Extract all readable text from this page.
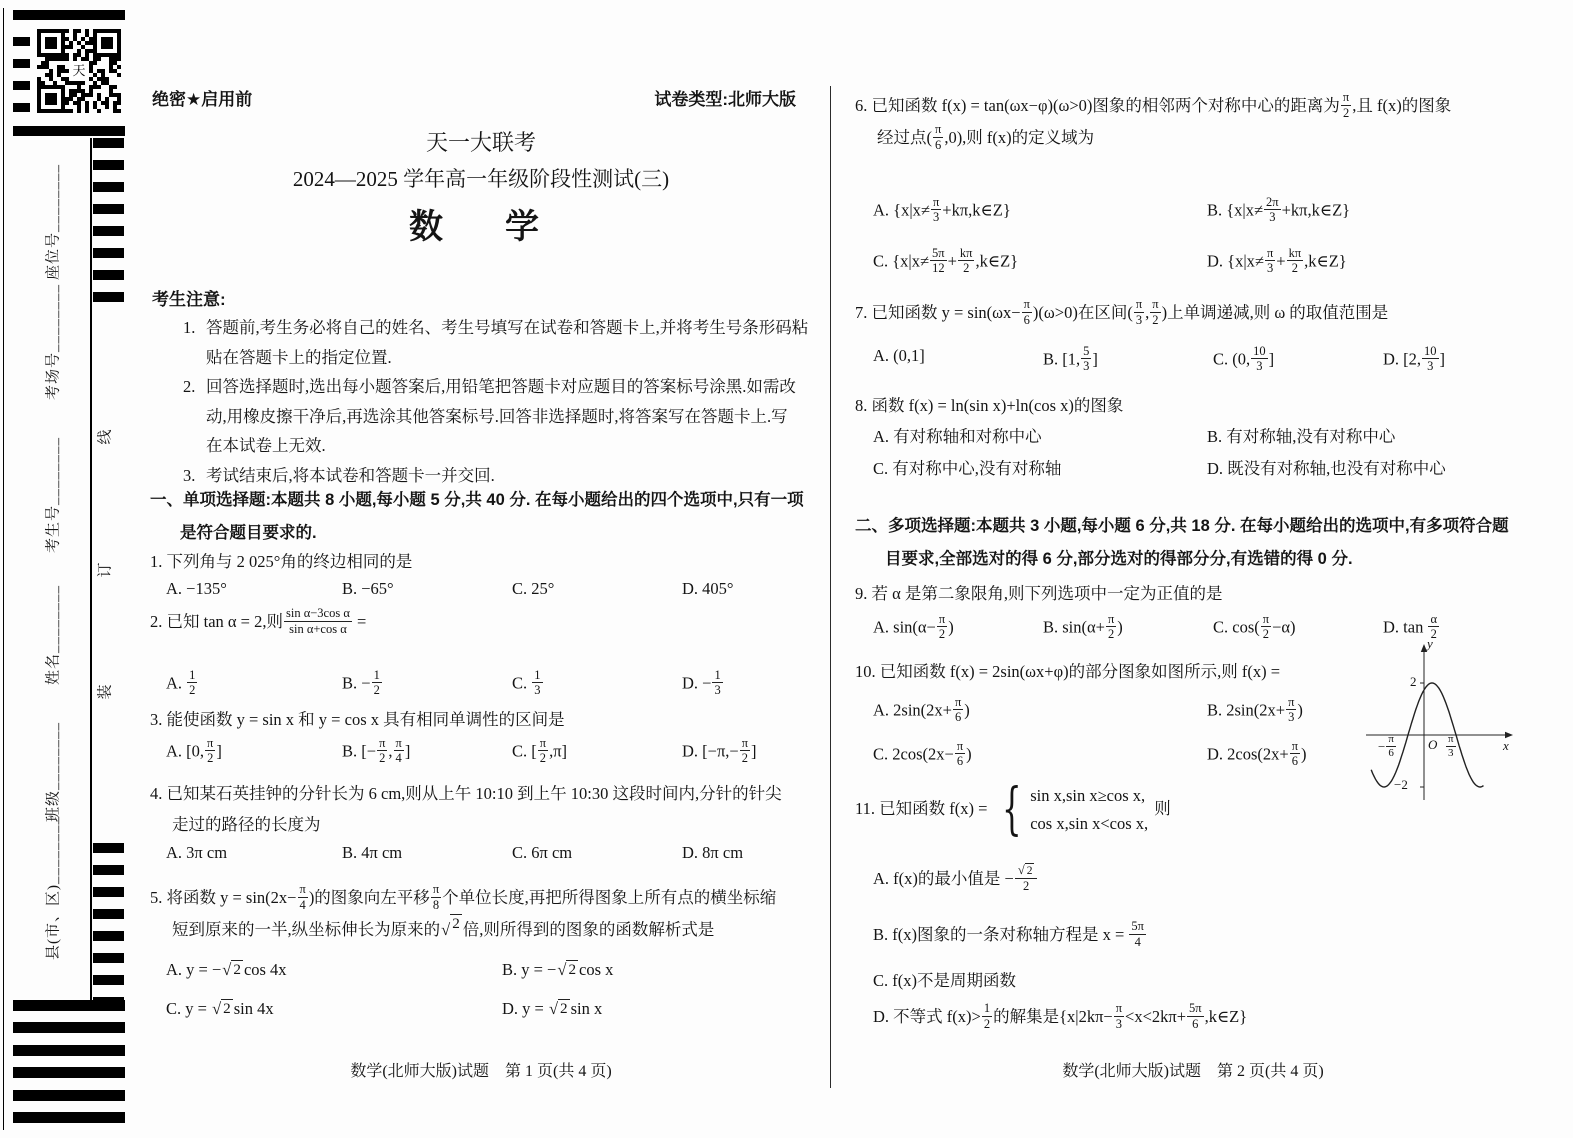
天
座位号________
考场号________
考生号________
姓名________
班级________
县(市、区)________
线
订
装
绝密★启用前	试卷类型:北师大版
天一大联考
2024—2025 学年高一年级阶段性测试(三)
数　学
考生注意:
1. 答题前,考生务必将自己的姓名、考生号填写在试卷和答题卡上,并将考生号条形码粘
贴在答题卡上的指定位置.
2. 回答选择题时,选出每小题答案后,用铅笔把答题卡对应题目的答案标号涂黑.如需改
动,用橡皮擦干净后,再选涂其他答案标号.回答非选择题时,将答案写在答题卡上.写
在本试卷上无效.
3. 考试结束后,将本试卷和答题卡一并交回.
一、单项选择题:本题共 8 小题,每小题 5 分,共 40 分. 在每小题给出的四个选项中,只有一项
是符合题目要求的.
数学(北师大版)试题　第 1 页(共 4 页)
1. 下列角与 2 025°角的终边相同的是
A. −135°	B. −65°	C. 25°	D. 405°
2. 已知 tan α = 2,则 $\frac{\text{sin α−3cos α}}{\text{sin α+cos α}}$ =
A. $\frac{1}{2}$	B. − $\frac{1}{2}$	C. $\frac{1}{3}$	D. − $\frac{1}{3}$
3. 能使函数 y = sin x 和 y = cos x 具有相同单调性的区间是
A. [0, $\frac{\pi}{2}$ ]	B. [− $\frac{\pi}{2}$ , $\frac{\pi}{4}$ ]	C. [ $\frac{\pi}{2} ,\pi$]	D. [$-\pi,- \frac{\pi}{2}$ ]
4. 已知某石英挂钟的分针长为 6 cm,则从上午 10:10 到上午 10:30 这段时间内,分针的针尖
走过的路径的长度为
A. 3π cm	B. 4π cm	C. 6π cm	D. 8π cm
5. 将函数 $y = \sin(2x- \frac{\pi}{4}$ )的图象向左平移 $\frac{\pi}{8}$ 个单位长度,再把所得图象上所有点的横坐标缩
短到原来的一半,纵坐标伸长为原来的 √ 2 倍,则所得到的图象的函数解析式是
A. y = − √ 2 cos 4x	B. y = − √ 2 cos x
C. y = √ 2 sin 4x	D. y = √ 2 sin x
二、多项选择题:本题共 3 小题,每小题 6 分,共 18 分. 在每小题给出的选项中,有多项符合题
目要求,全部选对的得 6 分,部分选对的得部分分,有选错的得 0 分.
y
x
O
2
−2
− $\frac{\pi}{6}$	$\frac{\pi}{3}$
数学(北师大版)试题　第 2 页(共 4 页)
6. 已知函数 f(x) = tan(ωx−φ)(ω>0)图象的相邻两个对称中心的距离为 $\frac{\pi}{2}$ ,且 f(x)的图象
经过点( $\frac{\pi}{6} ,0$),则 f(x)的定义域为
A. {$x|x\ne \frac{\pi}{3}$ +kπ,k∈Z}	B. {$x|x\ne \frac{2\pi}{3}$ +kπ,k∈Z}
C. {$x|x\ne \frac{5\pi}{12} + \frac{k\pi}{2}$ ,k∈Z}	D. {$x|x\ne \frac{\pi}{3} + \frac{k\pi}{2}$ ,k∈Z}
7. 已知函数 $y = \sin(\omega x- \frac{\pi}{6} )(\omega>0)$在区间( $\frac{\pi}{3}$ , $\frac{\pi}{2}$ )上单调递减,则 ω 的取值范围是
A. (0,1]	B. [1, $\frac{5}{3}$ ]	C. (0, $\frac{10}{3}$ ]	D. [2, $\frac{10}{3}$ ]
8. 函数 f(x) = ln(sin x)+ln(cos x)的图象
A. 有对称轴和对称中心	B. 有对称轴,没有对称中心
C. 有对称中心,没有对称轴	D. 既没有对称轴,也没有对称中心
9. 若 α 是第二象限角,则下列选项中一定为正值的是
A. $\sin(\alpha- \frac{\pi}{2}$ )	B. $\sin(\alpha+ \frac{\pi}{2}$ )	C. $\cos( \frac{\pi}{2} -\alpha)$	D. $\tan \frac{\alpha}{2}$
10. 已知函数 f(x) = 2sin(ωx+φ)的部分图象如图所示,则 f(x) =
A. $2\sin(2x+ \frac{\pi}{6}$ )	B. $2\sin(2x+ \frac{\pi}{3}$ )
C. $2\cos(2x- \frac{\pi}{6}$ )	D. $2\cos(2x+ \frac{\pi}{6}$ )
11. 已知函数 f(x) = { sin x,sin x≥cos x,
cos x,sin x<cos x,
则
A. f(x)的最小值是 − $\frac{√ 2}{2}$
B. f(x)图象的一条对称轴方程是 $x = \frac{5\pi}{4}$
C. f(x)不是周期函数
D. 不等式 $f(x)> \frac{1}{2}$ 的解集是{$x|2k\pi- \frac{\pi}{3} <x<2k\pi+ \frac{5\pi}{6}$ ,k∈Z}
